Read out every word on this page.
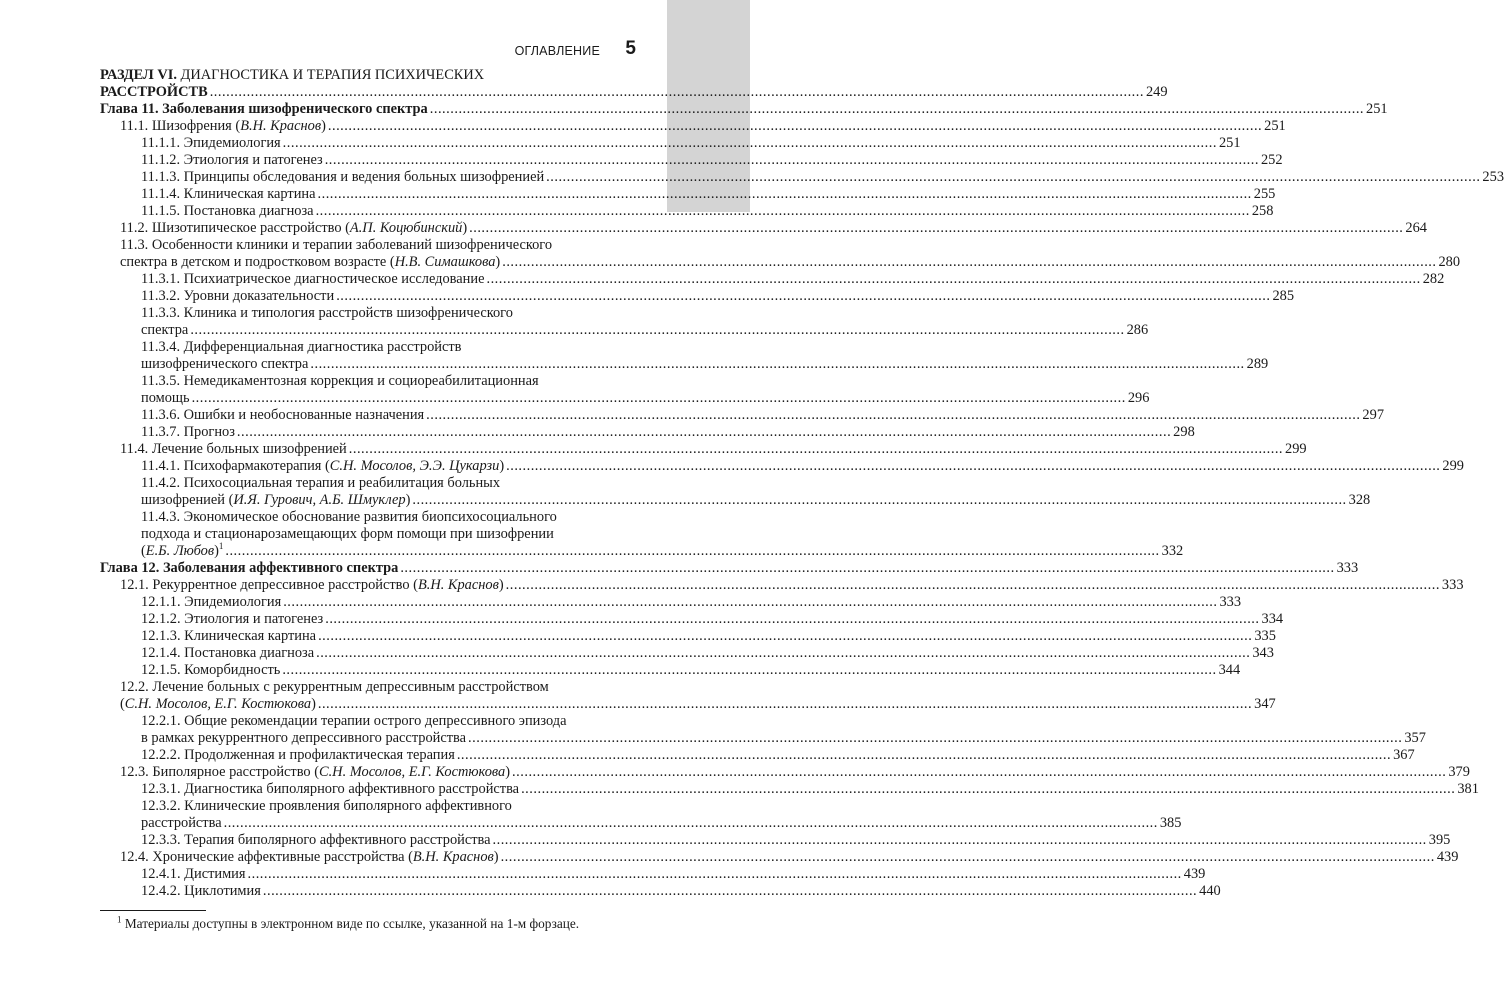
ОГЛАВЛЕНИЕ 5
РАЗДЕЛ VI. ДИАГНОСТИКА И ТЕРАПИЯ ПСИХИЧЕСКИХ
РАССТРОЙСТВ .....	249
Глава 11. Заболевания шизофренического спектра .....	251
11.1. Шизофрения (В.Н. Краснов) .....	251
11.1.1. Эпидемиология .....	251
11.1.2. Этиология и патогенез .....	252
11.1.3. Принципы обследования и ведения больных шизофренией .....	253
11.1.4. Клиническая картина .....	255
11.1.5. Постановка диагноза .....	258
11.2. Шизотипическое расстройство (А.П. Коцюбинский) .....	264
11.3. Особенности клиники и терапии заболеваний шизофренического
спектра в детском и подростковом возрасте (Н.В. Симашкова) .....	280
11.3.1. Психиатрическое диагностическое исследование .....	282
11.3.2. Уровни доказательности .....	285
11.3.3. Клиника и типология расстройств шизофренического
спектра .....	286
11.3.4. Дифференциальная диагностика расстройств
шизофренического спектра .....	289
11.3.5. Немедикаментозная коррекция и социореабилитационная
помощь .....	296
11.3.6. Ошибки и необоснованные назначения .....	297
11.3.7. Прогноз .....	298
11.4. Лечение больных шизофренией .....	299
11.4.1. Психофармакотерапия (С.Н. Мосолов, Э.Э. Цукарзи) .....	299
11.4.2. Психосоциальная терапия и реабилитация больных
шизофренией (И.Я. Гурович, А.Б. Шмуклер) .....	328
11.4.3. Экономическое обоснование развития биопсихосоциального
подхода и стационарозамещающих форм помощи при шизофрении
(Е.Б. Любов)$^1$ .....	332
Глава 12. Заболевания аффективного спектра .....	333
12.1. Рекуррентное депрессивное расстройство (В.Н. Краснов) .....	333
12.1.1. Эпидемиология .....	333
12.1.2. Этиология и патогенез .....	334
12.1.3. Клиническая картина .....	335
12.1.4. Постановка диагноза .....	343
12.1.5. Коморбидность .....	344
12.2. Лечение больных с рекуррентным депрессивным расстройством
(С.Н. Мосолов, Е.Г. Костюкова) .....	347
12.2.1. Общие рекомендации терапии острого депрессивного эпизода
в рамках рекуррентного депрессивного расстройства .....	357
12.2.2. Продолженная и профилактическая терапия .....	367
12.3. Биполярное расстройство (С.Н. Мосолов, Е.Г. Костюкова) .....	379
12.3.1. Диагностика биполярного аффективного расстройства .....	381
12.3.2. Клинические проявления биполярного аффективного
расстройства .....	385
12.3.3. Терапия биполярного аффективного расстройства .....	395
12.4. Хронические аффективные расстройства (В.Н. Краснов) .....	439
12.4.1. Дистимия .....	439
12.4.2. Циклотимия .....	440
$^1$ Материалы доступны в электронном виде по ссылке, указанной на 1-м форзаце.
